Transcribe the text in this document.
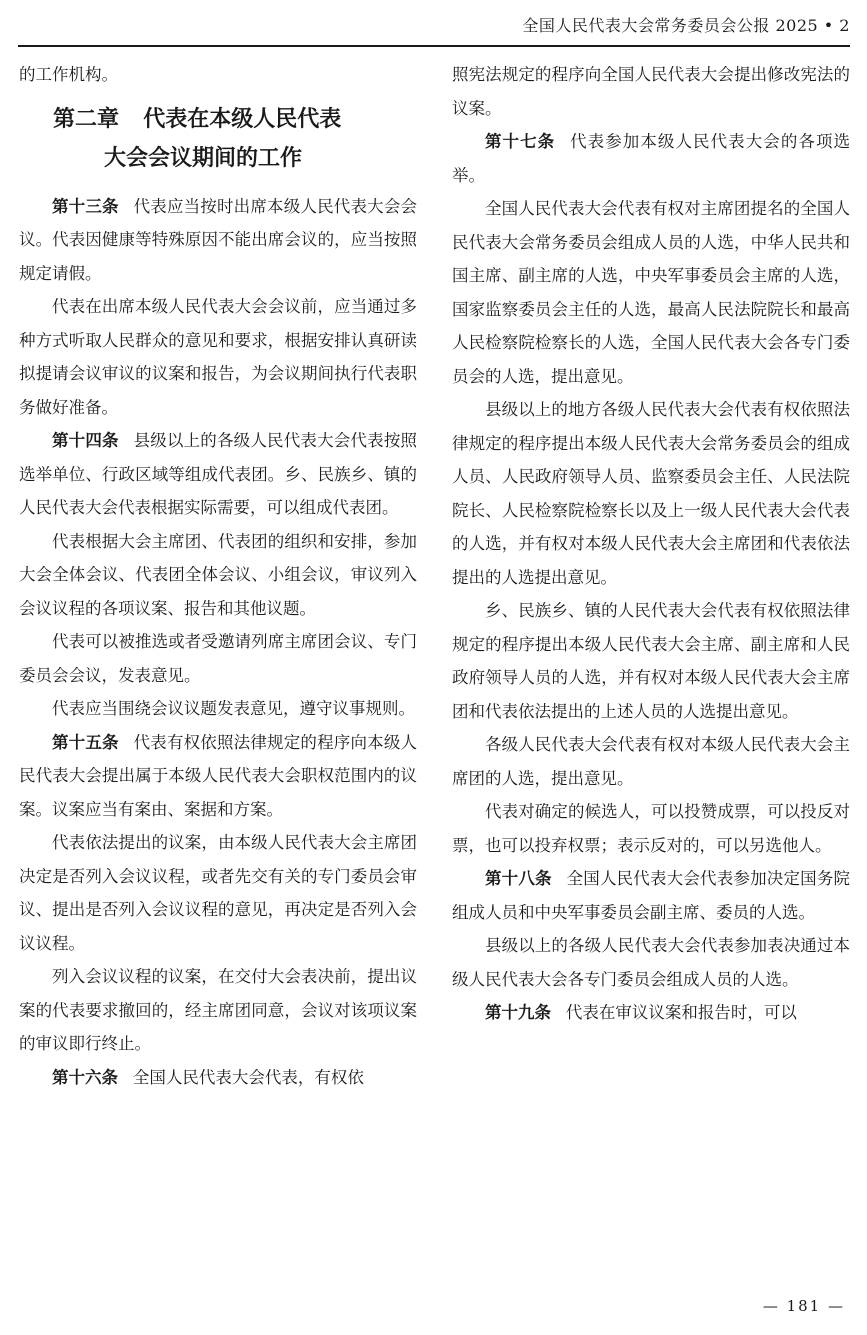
全国人民代表大会常务委员会公报 2025 • 2

的工作机构。

第二章 代表在本级人民代表
大会会议期间的工作

第十三条 代表应当按时出席本级人民代表大会会议。代表因健康等特殊原因不能出席会议的，应当按照规定请假。

代表在出席本级人民代表大会会议前，应当通过多种方式听取人民群众的意见和要求，根据安排认真研读拟提请会议审议的议案和报告，为会议期间执行代表职务做好准备。

第十四条 县级以上的各级人民代表大会代表按照选举单位、行政区域等组成代表团。乡、民族乡、镇的人民代表大会代表根据实际需要，可以组成代表团。

代表根据大会主席团、代表团的组织和安排，参加大会全体会议、代表团全体会议、小组会议，审议列入会议议程的各项议案、报告和其他议题。

代表可以被推选或者受邀请列席主席团会议、专门委员会会议，发表意见。

代表应当围绕会议议题发表意见，遵守议事规则。

第十五条 代表有权依照法律规定的程序向本级人民代表大会提出属于本级人民代表大会职权范围内的议案。议案应当有案由、案据和方案。

代表依法提出的议案，由本级人民代表大会主席团决定是否列入会议议程，或者先交有关的专门委员会审议、提出是否列入会议议程的意见，再决定是否列入会议议程。

列入会议议程的议案，在交付大会表决前，提出议案的代表要求撤回的，经主席团同意，会议对该项议案的审议即行终止。

第十六条 全国人民代表大会代表，有权依

照宪法规定的程序向全国人民代表大会提出修改宪法的议案。

第十七条 代表参加本级人民代表大会的各项选举。

全国人民代表大会代表有权对主席团提名的全国人民代表大会常务委员会组成人员的人选，中华人民共和国主席、副主席的人选，中央军事委员会主席的人选，国家监察委员会主任的人选，最高人民法院院长和最高人民检察院检察长的人选，全国人民代表大会各专门委员会的人选，提出意见。

县级以上的地方各级人民代表大会代表有权依照法律规定的程序提出本级人民代表大会常务委员会的组成人员、人民政府领导人员、监察委员会主任、人民法院院长、人民检察院检察长以及上一级人民代表大会代表的人选，并有权对本级人民代表大会主席团和代表依法提出的人选提出意见。

乡、民族乡、镇的人民代表大会代表有权依照法律规定的程序提出本级人民代表大会主席、副主席和人民政府领导人员的人选，并有权对本级人民代表大会主席团和代表依法提出的上述人员的人选提出意见。

各级人民代表大会代表有权对本级人民代表大会主席团的人选，提出意见。

代表对确定的候选人，可以投赞成票，可以投反对票，也可以投弃权票；表示反对的，可以另选他人。

第十八条 全国人民代表大会代表参加决定国务院组成人员和中央军事委员会副主席、委员的人选。

县级以上的各级人民代表大会代表参加表决通过本级人民代表大会各专门委员会组成人员的人选。

第十九条 代表在审议议案和报告时，可以

— 181 —
